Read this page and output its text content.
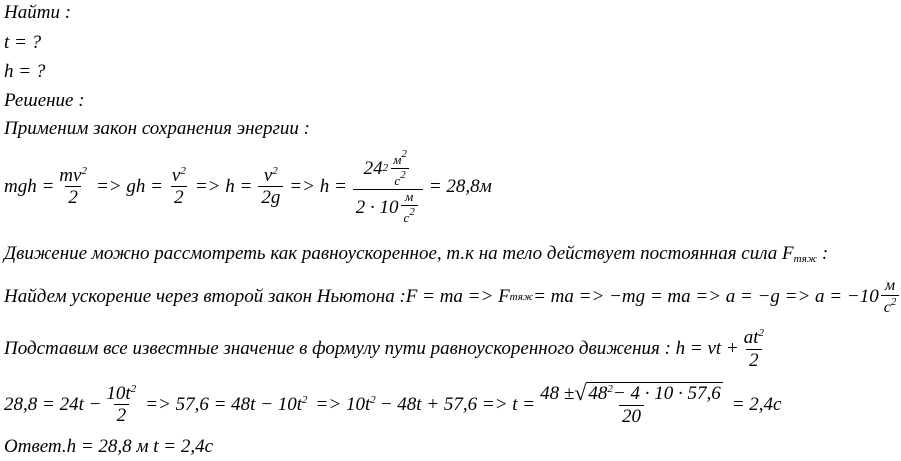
Найти :
t = ?
h = ?
Решение :
Применим закон сохранения энергии :
mgh = $\frac{mv^2}{2}$ => gh = $\frac{v^2}{2} => h = \frac{v^2}{2g} => h = \frac{24 2 \frac{м^2}{с^2}}{2 \cdot 10 \frac{м}{с^2}} = 28,8м$
Движение можно рассмотреть как равноускоренное, т.к на тело действует постоянная сила $F_{тяж}$ :
Найдем ускорение через второй закон Ньютона :F = ma => F тяж = ma => −mg = ma => $a = -g => a = -10 \frac{м}{с^2}$
Подставим все известные значение в формулу пути равноускоренного движения : h = vt + $\frac{at^2}{2}$
$28,8 = 24t - \frac{10t^2}{2} => 57,6 = 48t - 10t^2 => 10t^2 - 48t + 57,6 => t = \frac{48 \pm √ 48^2- 4 \cdot 10 \cdot 57,6}{20} = 2,4с$
Ответ.h = 28,8 м t = 2,4с
